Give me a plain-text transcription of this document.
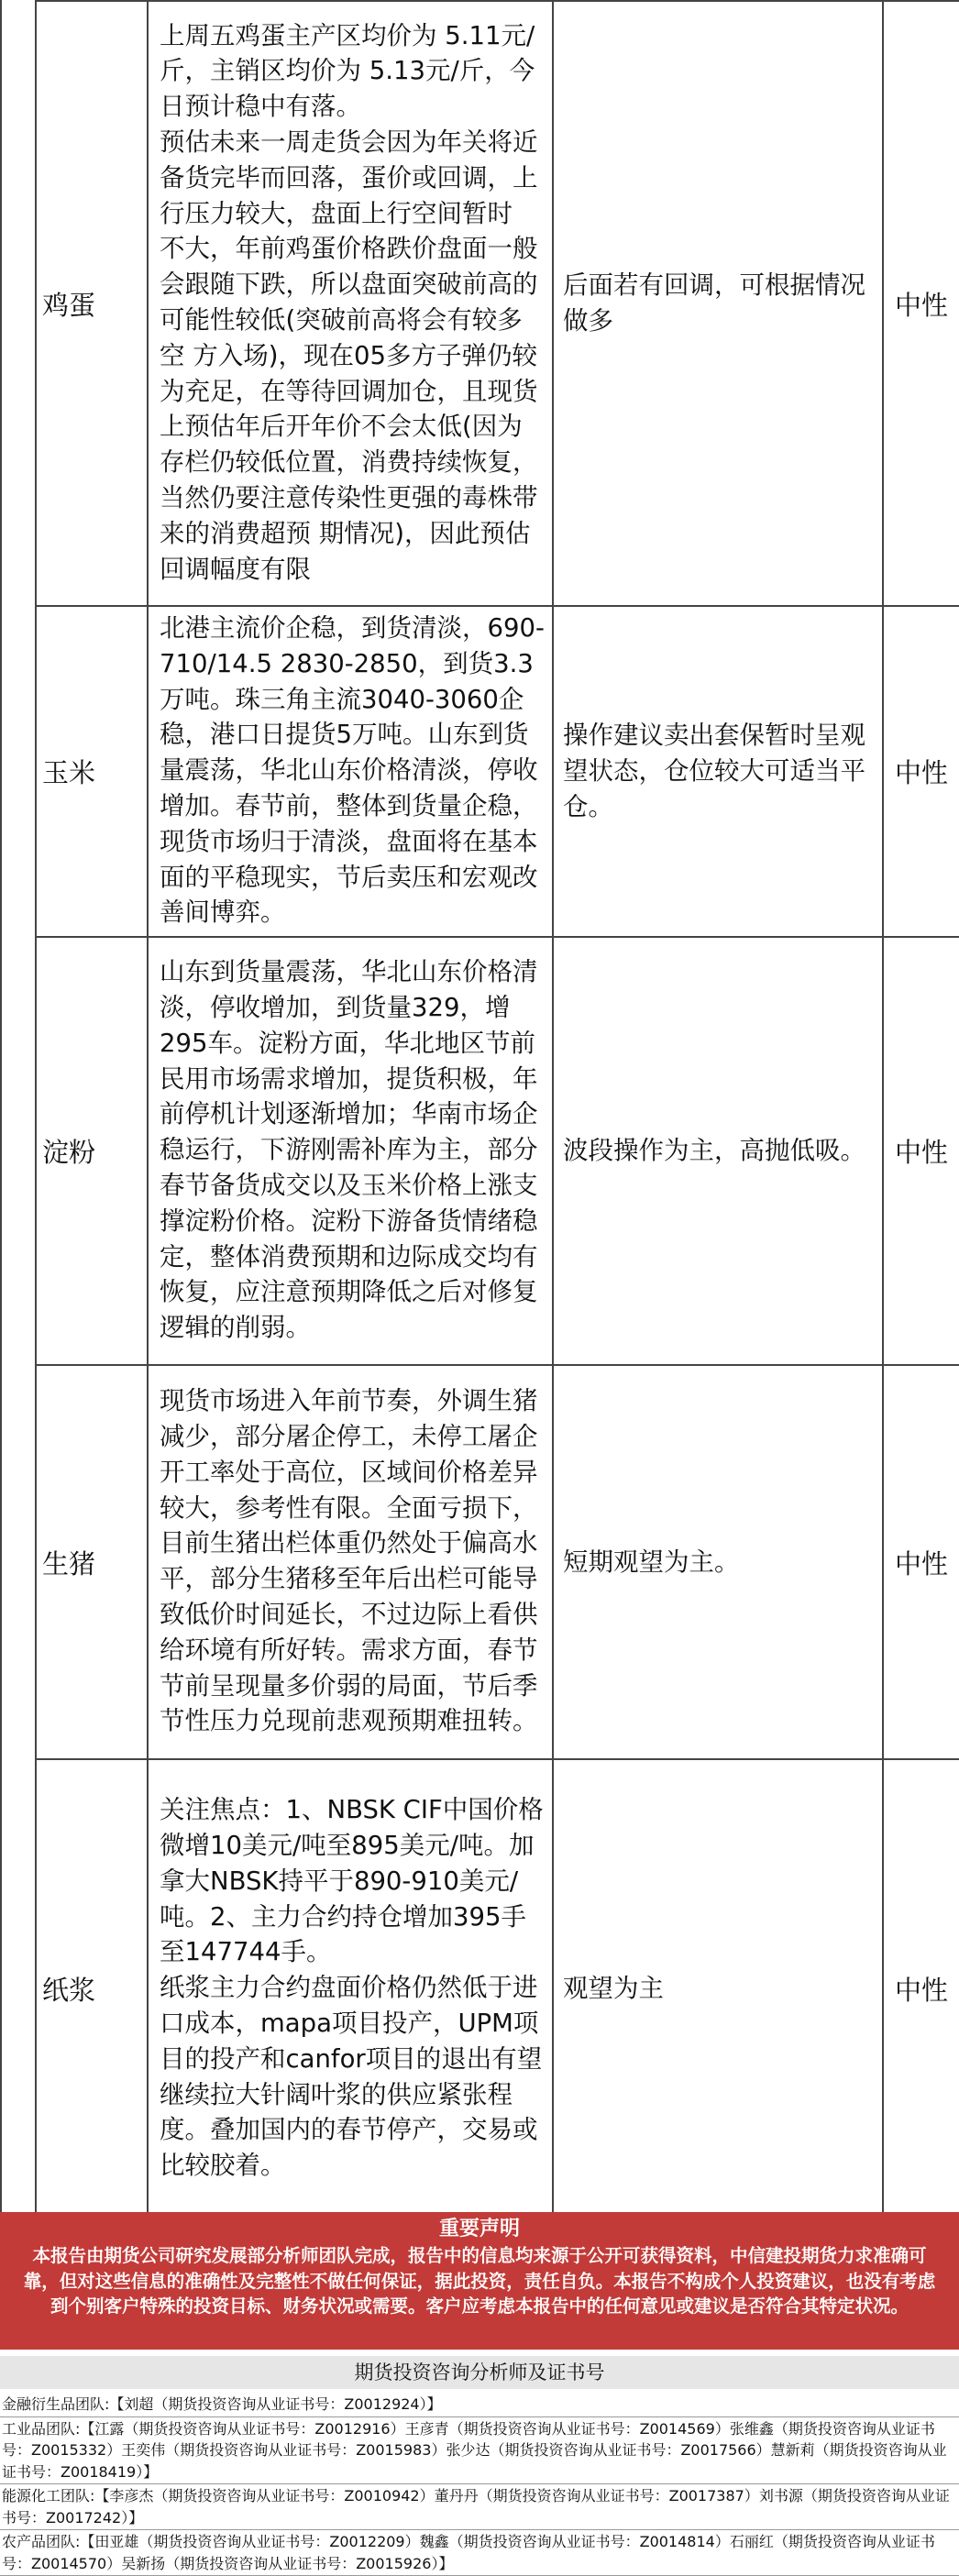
鸡蛋	上周五鸡蛋主产区均价为 5.11元/斤，主销区均价为 5.13元/斤，今日预计稳中有落。

预估未来一周走货会因为年关将近备货完毕而回落，蛋价或回调，上行压力较大，盘面上行空间暂时 不大，年前鸡蛋价格跌价盘面一般会跟随下跌，所以盘面突破前高的可能性较低(突破前高将会有较多空 方入场)，现在05多方子弹仍较为充足，在等待回调加仓，且现货上预估年后开年价不会太低(因为存栏仍较低位置，消费持续恢复，当然仍要注意传染性更强的毒株带来的消费超预 期情况)，因此预估回调幅度有限	后面若有回调，可根据情况做多	中性
玉米	北港主流价企稳，到货清淡，690-710/14.5 2830-2850，到货3.3万吨。珠三角主流3040-3060企稳，港口日提货5万吨。山东到货量震荡，华北山东价格清淡，停收增加。春节前，整体到货量企稳，现货市场归于清淡，盘面将在基本面的平稳现实，节后卖压和宏观改善间博弈。	操作建议卖出套保暂时呈观望状态，仓位较大可适当平仓。	中性
淀粉	山东到货量震荡，华北山东价格清淡，停收增加，到货量329，增295车。淀粉方面，华北地区节前民用市场需求增加，提货积极，年前停机计划逐渐增加；华南市场企稳运行，下游刚需补库为主，部分春节备货成交以及玉米价格上涨支撑淀粉价格。淀粉下游备货情绪稳定，整体消费预期和边际成交均有恢复，应注意预期降低之后对修复逻辑的削弱。	波段操作为主，高抛低吸。	中性
生猪	现货市场进入年前节奏，外调生猪减少，部分屠企停工，未停工屠企开工率处于高位，区域间价格差异较大，参考性有限。全面亏损下，目前生猪出栏体重仍然处于偏高水平，部分生猪移至年后出栏可能导致低价时间延长，不过边际上看供给环境有所好转。需求方面，春节节前呈现量多价弱的局面，节后季节性压力兑现前悲观预期难扭转。	短期观望为主。	中性
纸浆	关注焦点：1、NBSK CIF中国价格微增10美元/吨至895美元/吨。加拿大NBSK持平于890-910美元/吨。2、主力合约持仓增加395手至147744手。

纸浆主力合约盘面价格仍然低于进口成本，mapa项目投产，UPM项目的投产和canfor项目的退出有望继续拉大针阔叶浆的供应紧张程度。叠加国内的春节停产，交易或比较胶着。	观望为主	中性
重要声明
本报告由期货公司研究发展部分析师团队完成，报告中的信息均来源于公开可获得资料，中信建投期货力求准确可靠，但对这些信息的准确性及完整性不做任何保证，据此投资，责任自负。本报告不构成个人投资建议，也没有考虑到个别客户特殊的投资目标、财务状况或需要。客户应考虑本报告中的任何意见或建议是否符合其特定状况。
期货投资咨询分析师及证书号
金融衍生品团队:【刘超（期货投资咨询从业证书号：Z0012924）】
工业品团队:【江露（期货投资咨询从业证书号：Z0012916）王彦青（期货投资咨询从业证书号：Z0014569）张维鑫（期货投资咨询从业证书号：Z0015332）王奕伟（期货投资咨询从业证书号：Z0015983）张少达（期货投资咨询从业证书号：Z0017566）慧新莉（期货投资咨询从业证书号：Z0018419）】
能源化工团队:【李彦杰（期货投资咨询从业证书号：Z0010942）董丹丹（期货投资咨询从业证书号：Z0017387）刘书源（期货投资咨询从业证书号：Z0017242）】
农产品团队:【田亚雄（期货投资咨询从业证书号：Z0012209）魏鑫（期货投资咨询从业证书号：Z0014814）石丽红（期货投资咨询从业证书号：Z0014570）吴新扬（期货投资咨询从业证书号：Z0015926）】
